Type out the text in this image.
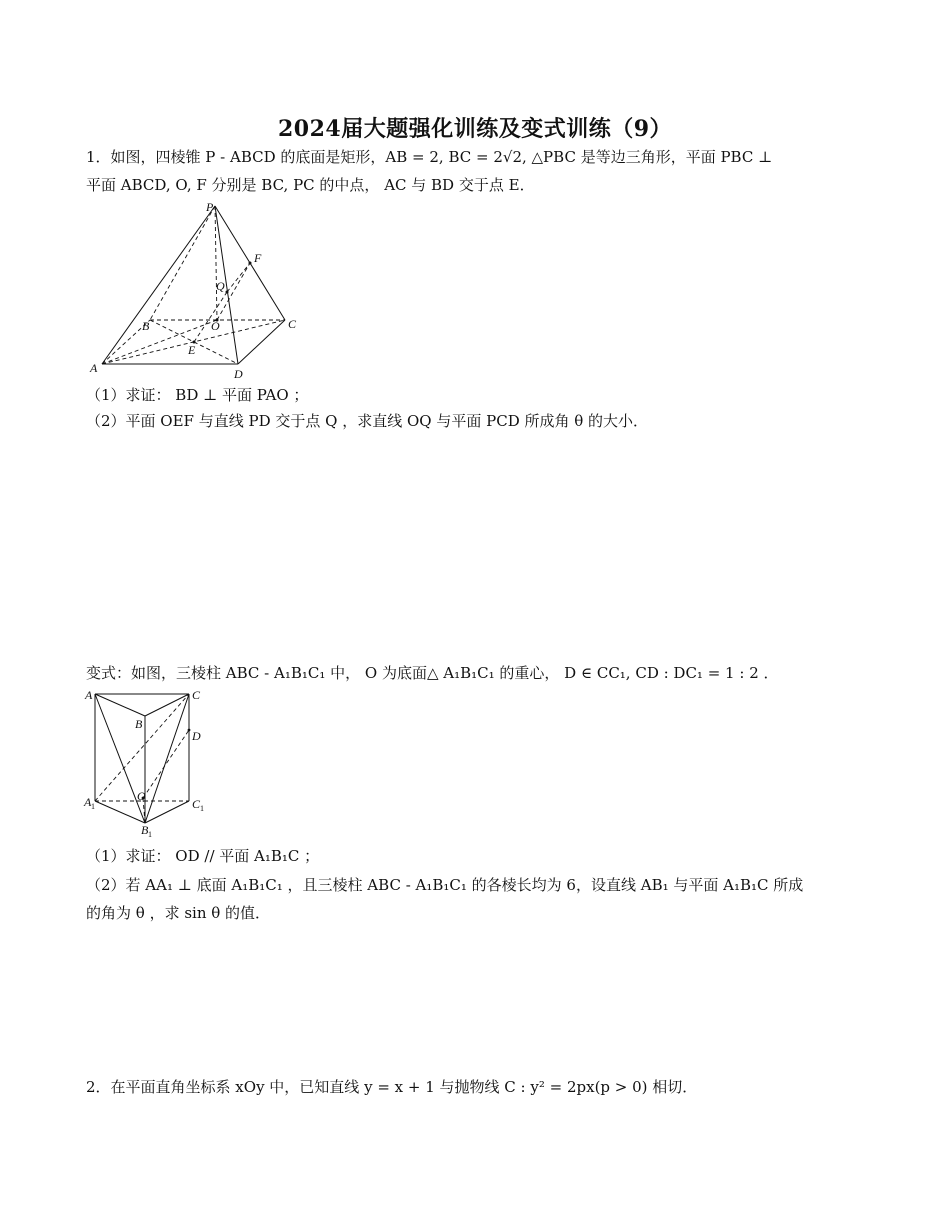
2024届大题强化训练及变式训练（9）
1．如图，四棱锥 P - ABCD 的底面是矩形，AB = 2, BC = 2√2, △PBC 是等边三角形，平面 PBC ⊥
平面 ABCD, O, F 分别是 BC, PC 的中点， AC 与 BD 交于点 E．
P
F
Q
B	O	C
E
A	D
（1）求证： BD ⊥ 平面 PAO ；
（2）平面 OEF 与直线 PD 交于点 Q ，求直线 OQ 与平面 PCD 所成角 θ 的大小．
变式：如图，三棱柱 ABC - A₁B₁C₁ 中， O 为底面△ A₁B₁C₁ 的重心， D ∈ CC₁, CD : DC₁ = 1 : 2 ．
A
B
C
D
A 1
O
C 1
B 1
（1）求证： OD // 平面 A₁B₁C ；
（2）若 AA₁ ⊥ 底面 A₁B₁C₁ ，且三棱柱 ABC - A₁B₁C₁ 的各棱长均为 6，设直线 AB₁ 与平面 A₁B₁C 所成
的角为 θ ，求 sin θ 的值．
2．在平面直角坐标系 xOy 中，已知直线 y = x + 1 与抛物线 C : y² = 2px(p > 0) 相切．
